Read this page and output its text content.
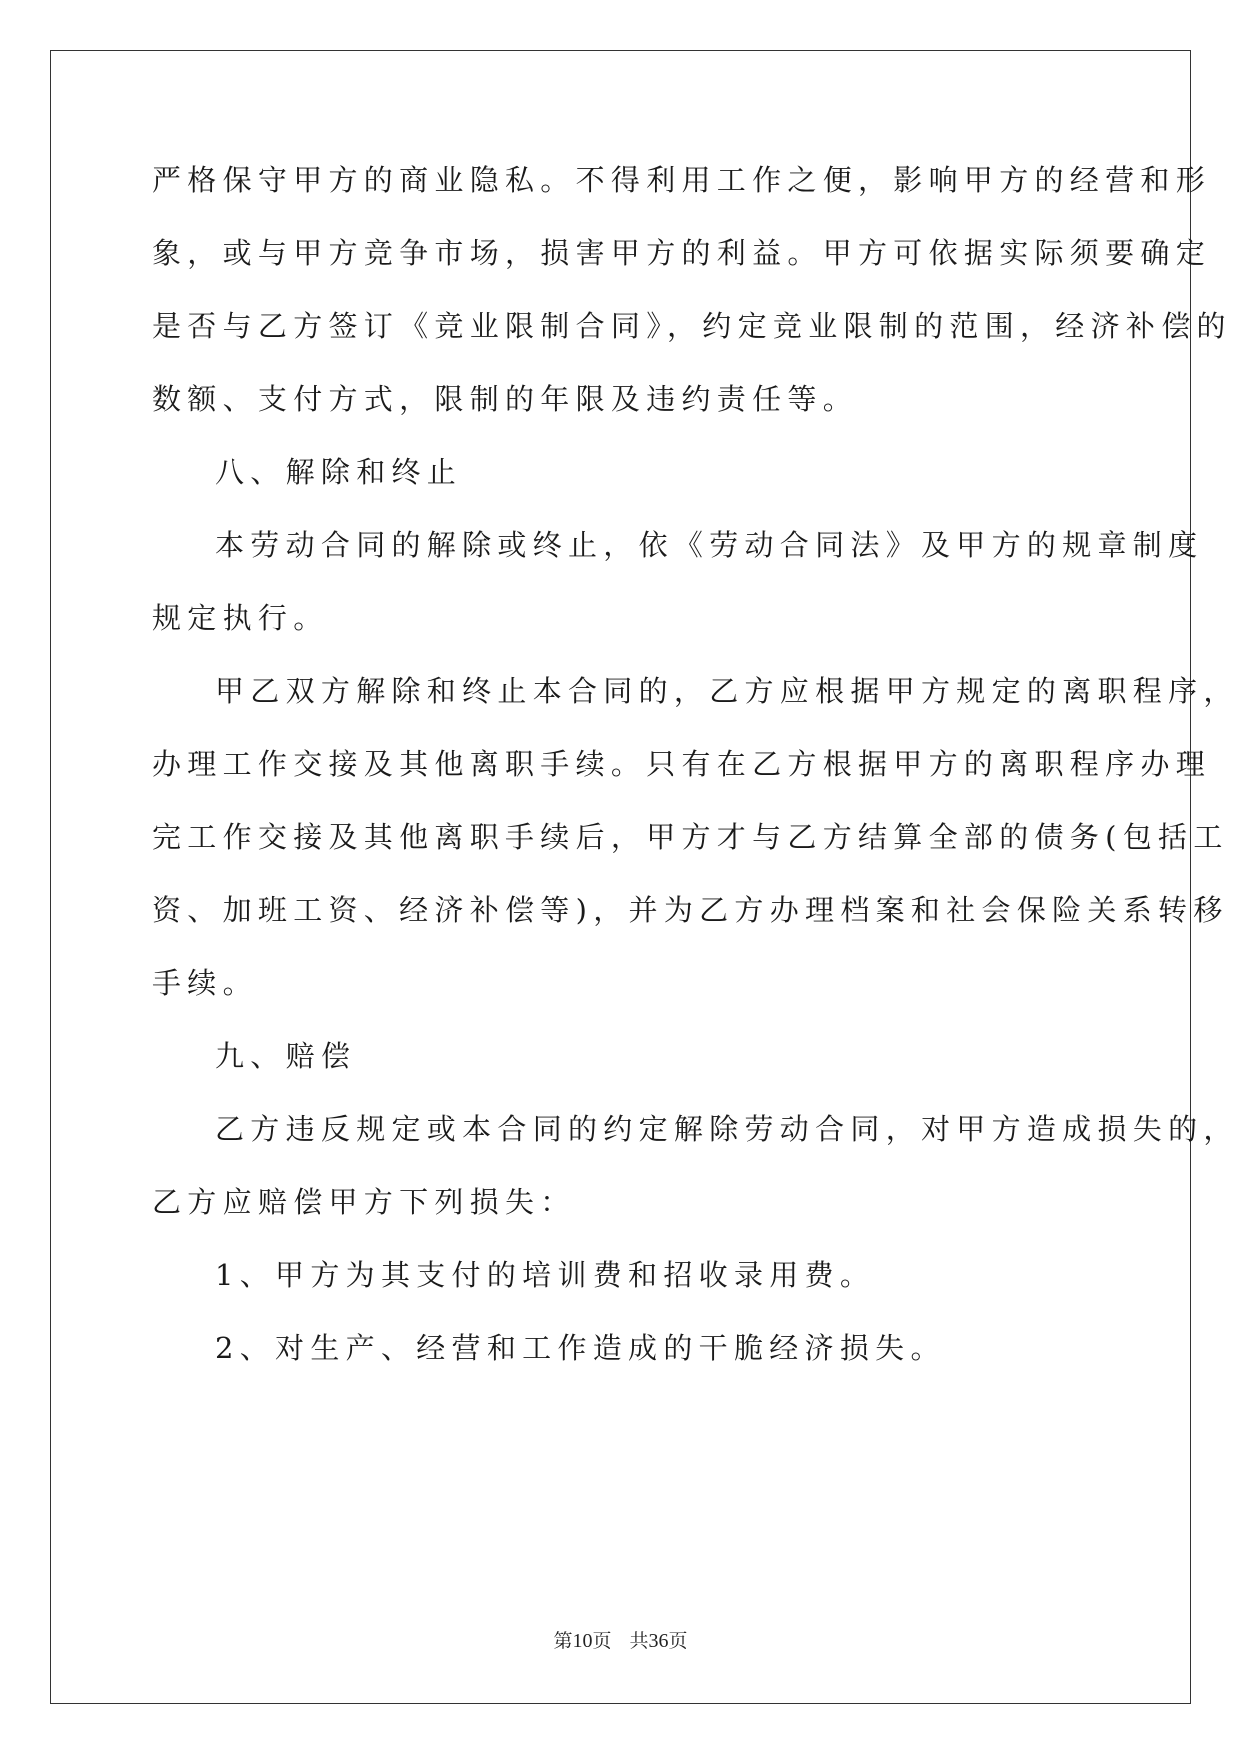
严格保守甲方的商业隐私。不得利用工作之便，影响甲方的经营和形
象，或与甲方竞争市场，损害甲方的利益。甲方可依据实际须要确定
是否与乙方签订《竞业限制合同》，约定竞业限制的范围，经济补偿的
数额、支付方式，限制的年限及违约责任等。
八、解除和终止
本劳动合同的解除或终止，依《劳动合同法》及甲方的规章制度
规定执行。
甲乙双方解除和终止本合同的，乙方应根据甲方规定的离职程序，
办理工作交接及其他离职手续。只有在乙方根据甲方的离职程序办理
完工作交接及其他离职手续后，甲方才与乙方结算全部的债务(包括工
资、加班工资、经济补偿等)，并为乙方办理档案和社会保险关系转移
手续。
九、赔偿
乙方违反规定或本合同的约定解除劳动合同，对甲方造成损失的，
乙方应赔偿甲方下列损失：
1、甲方为其支付的培训费和招收录用费。
2、对生产、经营和工作造成的干脆经济损失。
第10页 共36页
